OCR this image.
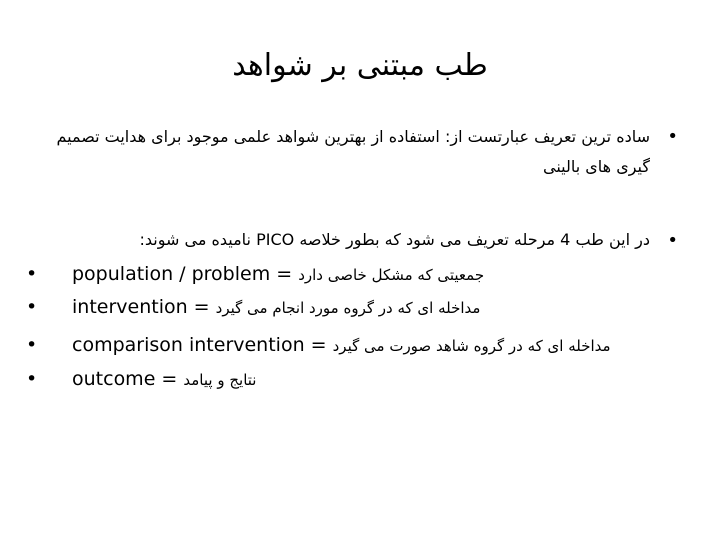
طب مبتنی بر شواهد
•
ساده ترین تعریف عبارتست از: استفاده از بهترین شواهد علمی موجود برای هدایت تصمیم گیری های بالینی
•
در این طب 4 مرحله تعریف می شود که بطور خلاصه PICO نامیده می شوند:
• population / problem = جمعیتی که مشکل خاصی دارد
• intervention = مداخله ای که در گروه مورد انجام می گیرد
• comparison intervention = مداخله ای که در گروه شاهد صورت می گیرد
• outcome = نتایج و پیامد
